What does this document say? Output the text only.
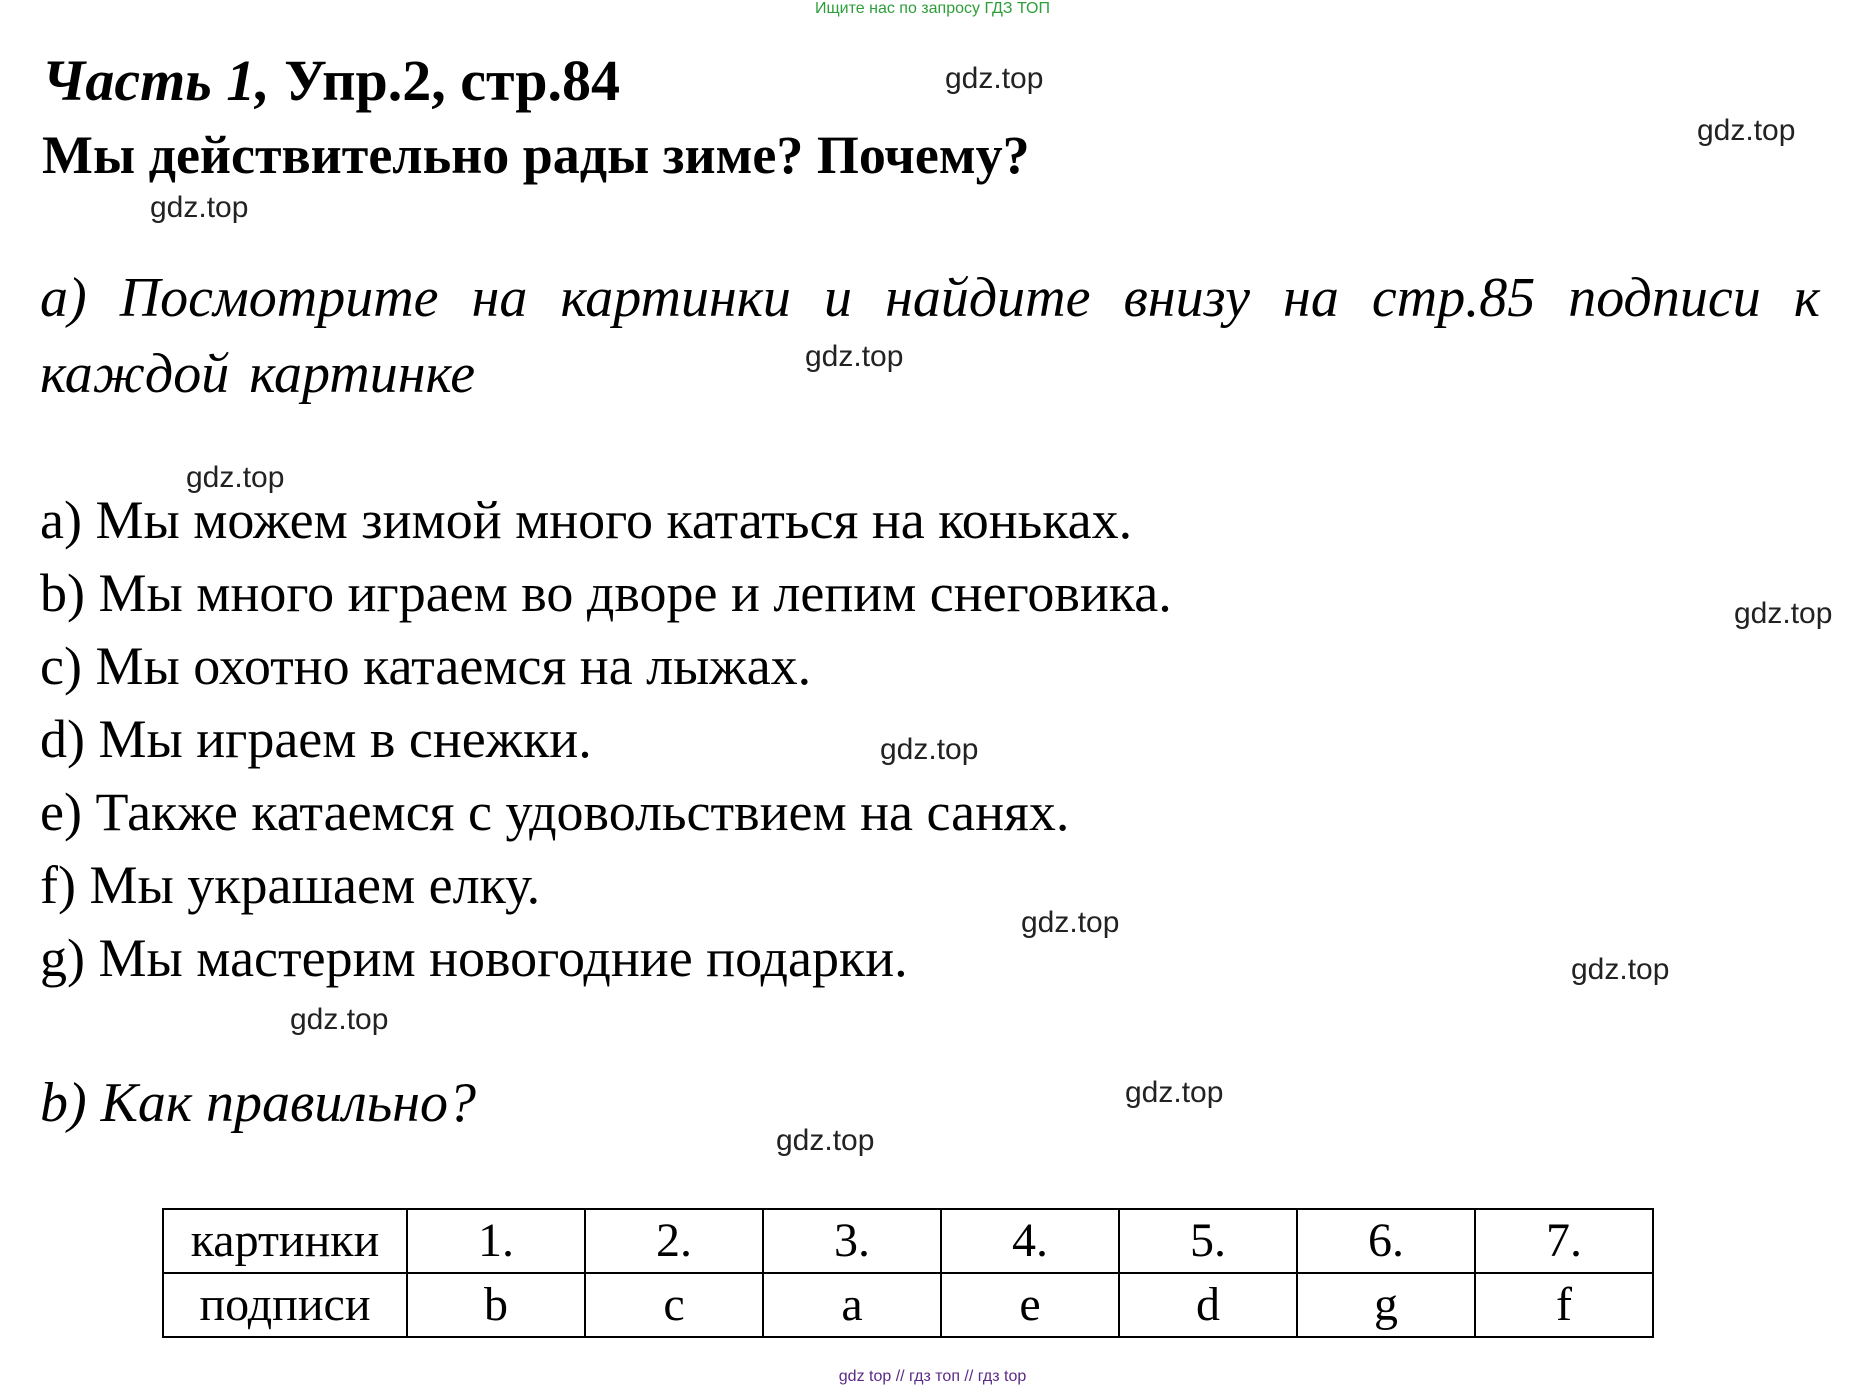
Ищите нас по запросу ГДЗ ТОП
Часть 1, Упр.2, стр.84
Мы действительно рады зиме? Почему?
а) Посмотрите на картинки и найдите внизу на стр.85 подписи к каждой картинке
a) Мы можем зимой много кататься на коньках.
b) Мы много играем во дворе и лепим снеговика.
c) Мы охотно катаемся на лыжах.
d) Мы играем в снежки.
e) Также катаемся с удовольствием на санях.
f) Мы украшаем елку.
g) Мы мастерим новогодние подарки.
b) Как правильно?
картинки	1.	2.	3.	4.	5.	6.	7.
подписи	b	c	a	e	d	g	f
gdz.top
gdz.top
gdz.top
gdz.top
gdz.top
gdz.top
gdz.top
gdz.top
gdz.top
gdz.top
gdz.top
gdz.top
gdz top // гдз топ // гдз top
